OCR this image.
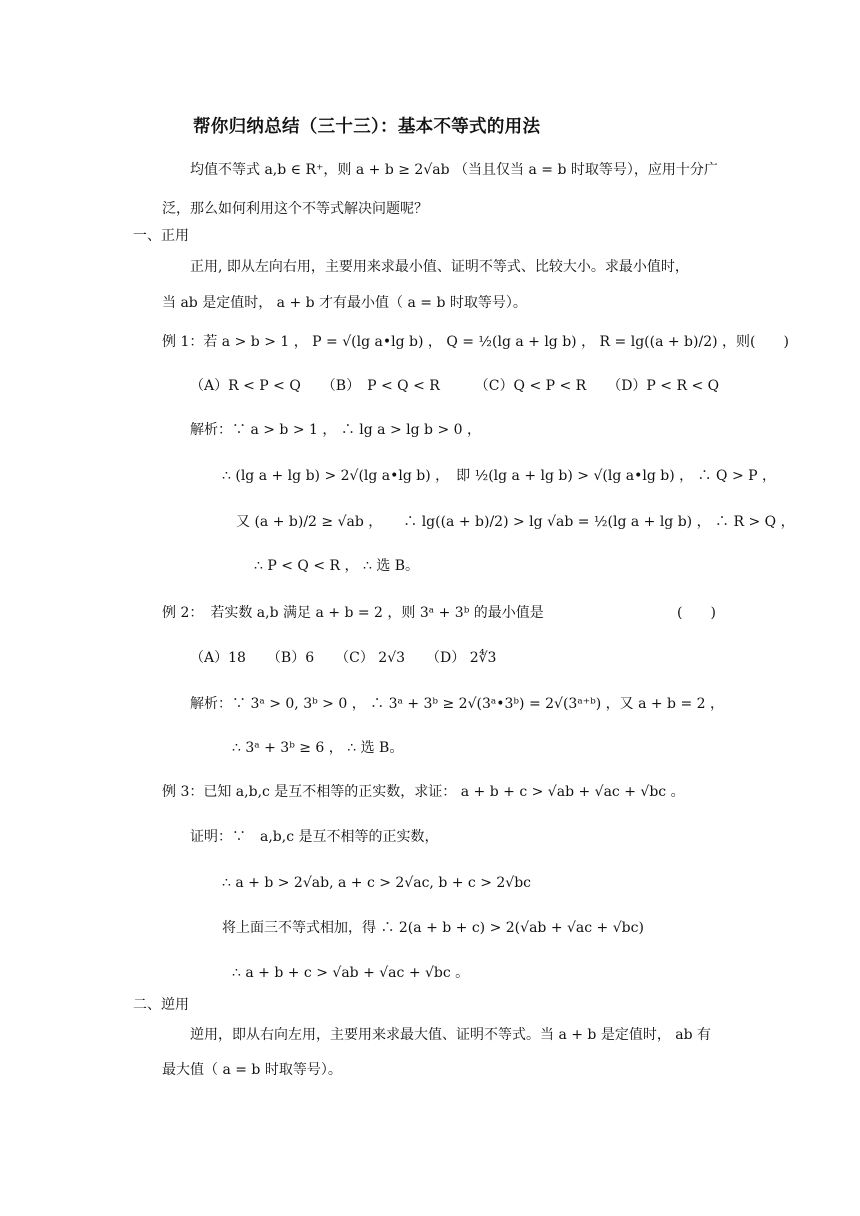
帮你归纳总结（三十三）：基本不等式的用法
均值不等式 a,b ∈ R⁺，则 a + b ≥ 2√ab （当且仅当 a = b 时取等号），应用十分广
泛，那么如何利用这个不等式解决问题呢？
一、正用
正用, 即从左向右用，主要用来求最小值、证明不等式、比较大小。求最小值时，
当 ab 是定值时， a + b 才有最小值（ a = b 时取等号）。
例 1：若 a > b > 1 ， P = √(lg a•lg b) ， Q = ½(lg a + lg b) ， R = lg((a + b)/2) ，则(　　)
（A）R < P < Q　　（B）　P < Q < R　　　（C）Q < P < R　　（D）P < R < Q
解析：∵ a > b > 1 ， ∴ lg a > lg b > 0 ，
∴ (lg a + lg b) > 2√(lg a•lg b) ，　即 ½(lg a + lg b) > √(lg a•lg b) ， ∴ Q > P ，
又 (a + b)/2 ≥ √ab ，　　∴ lg((a + b)/2) > lg √ab = ½(lg a + lg b) ， ∴ R > Q ，
∴ P < Q < R ， ∴ 选 B。
例 2：　若实数 a,b 满足 a + b = 2 ，则 3ᵃ + 3ᵇ 的最小值是	(　　)
（A）18　　（B）6　　（C） 2√3　　（D） 2∜3
解析：∵ 3ᵃ > 0, 3ᵇ > 0 ， ∴ 3ᵃ + 3ᵇ ≥ 2√(3ᵃ•3ᵇ) = 2√(3ᵃ⁺ᵇ) ，又 a + b = 2 ，
∴ 3ᵃ + 3ᵇ ≥ 6 ， ∴ 选 B。
例 3：已知 a,b,c 是互不相等的正实数，求证： a + b + c > √ab + √ac + √bc 。
证明：∵　a,b,c 是互不相等的正实数，
∴ a + b > 2√ab, a + c > 2√ac, b + c > 2√bc
将上面三不等式相加，得 ∴ 2(a + b + c) > 2(√ab + √ac + √bc)
∴ a + b + c > √ab + √ac + √bc 。
二、逆用
逆用，即从右向左用，主要用来求最大值、证明不等式。当 a + b 是定值时， ab 有
最大值（ a = b 时取等号）。
